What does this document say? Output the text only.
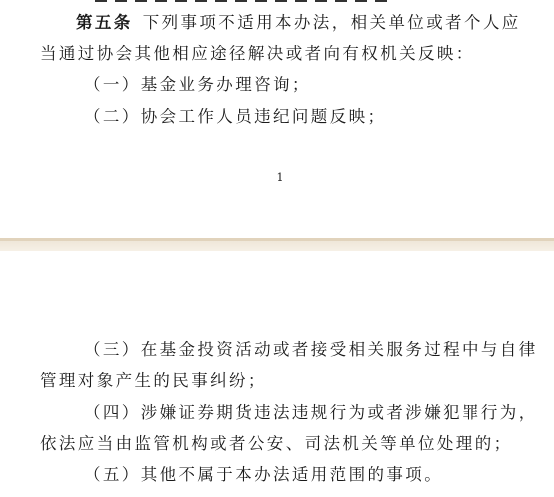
第五条 下列事项不适用本办法，相关单位或者个人应
当通过协会其他相应途径解决或者向有权机关反映：
（一）基金业务办理咨询；
（二）协会工作人员违纪问题反映；
1
（三）在基金投资活动或者接受相关服务过程中与自律
管理对象产生的民事纠纷；
（四）涉嫌证券期货违法违规行为或者涉嫌犯罪行为，
依法应当由监管机构或者公安、司法机关等单位处理的；
（五）其他不属于本办法适用范围的事项。
